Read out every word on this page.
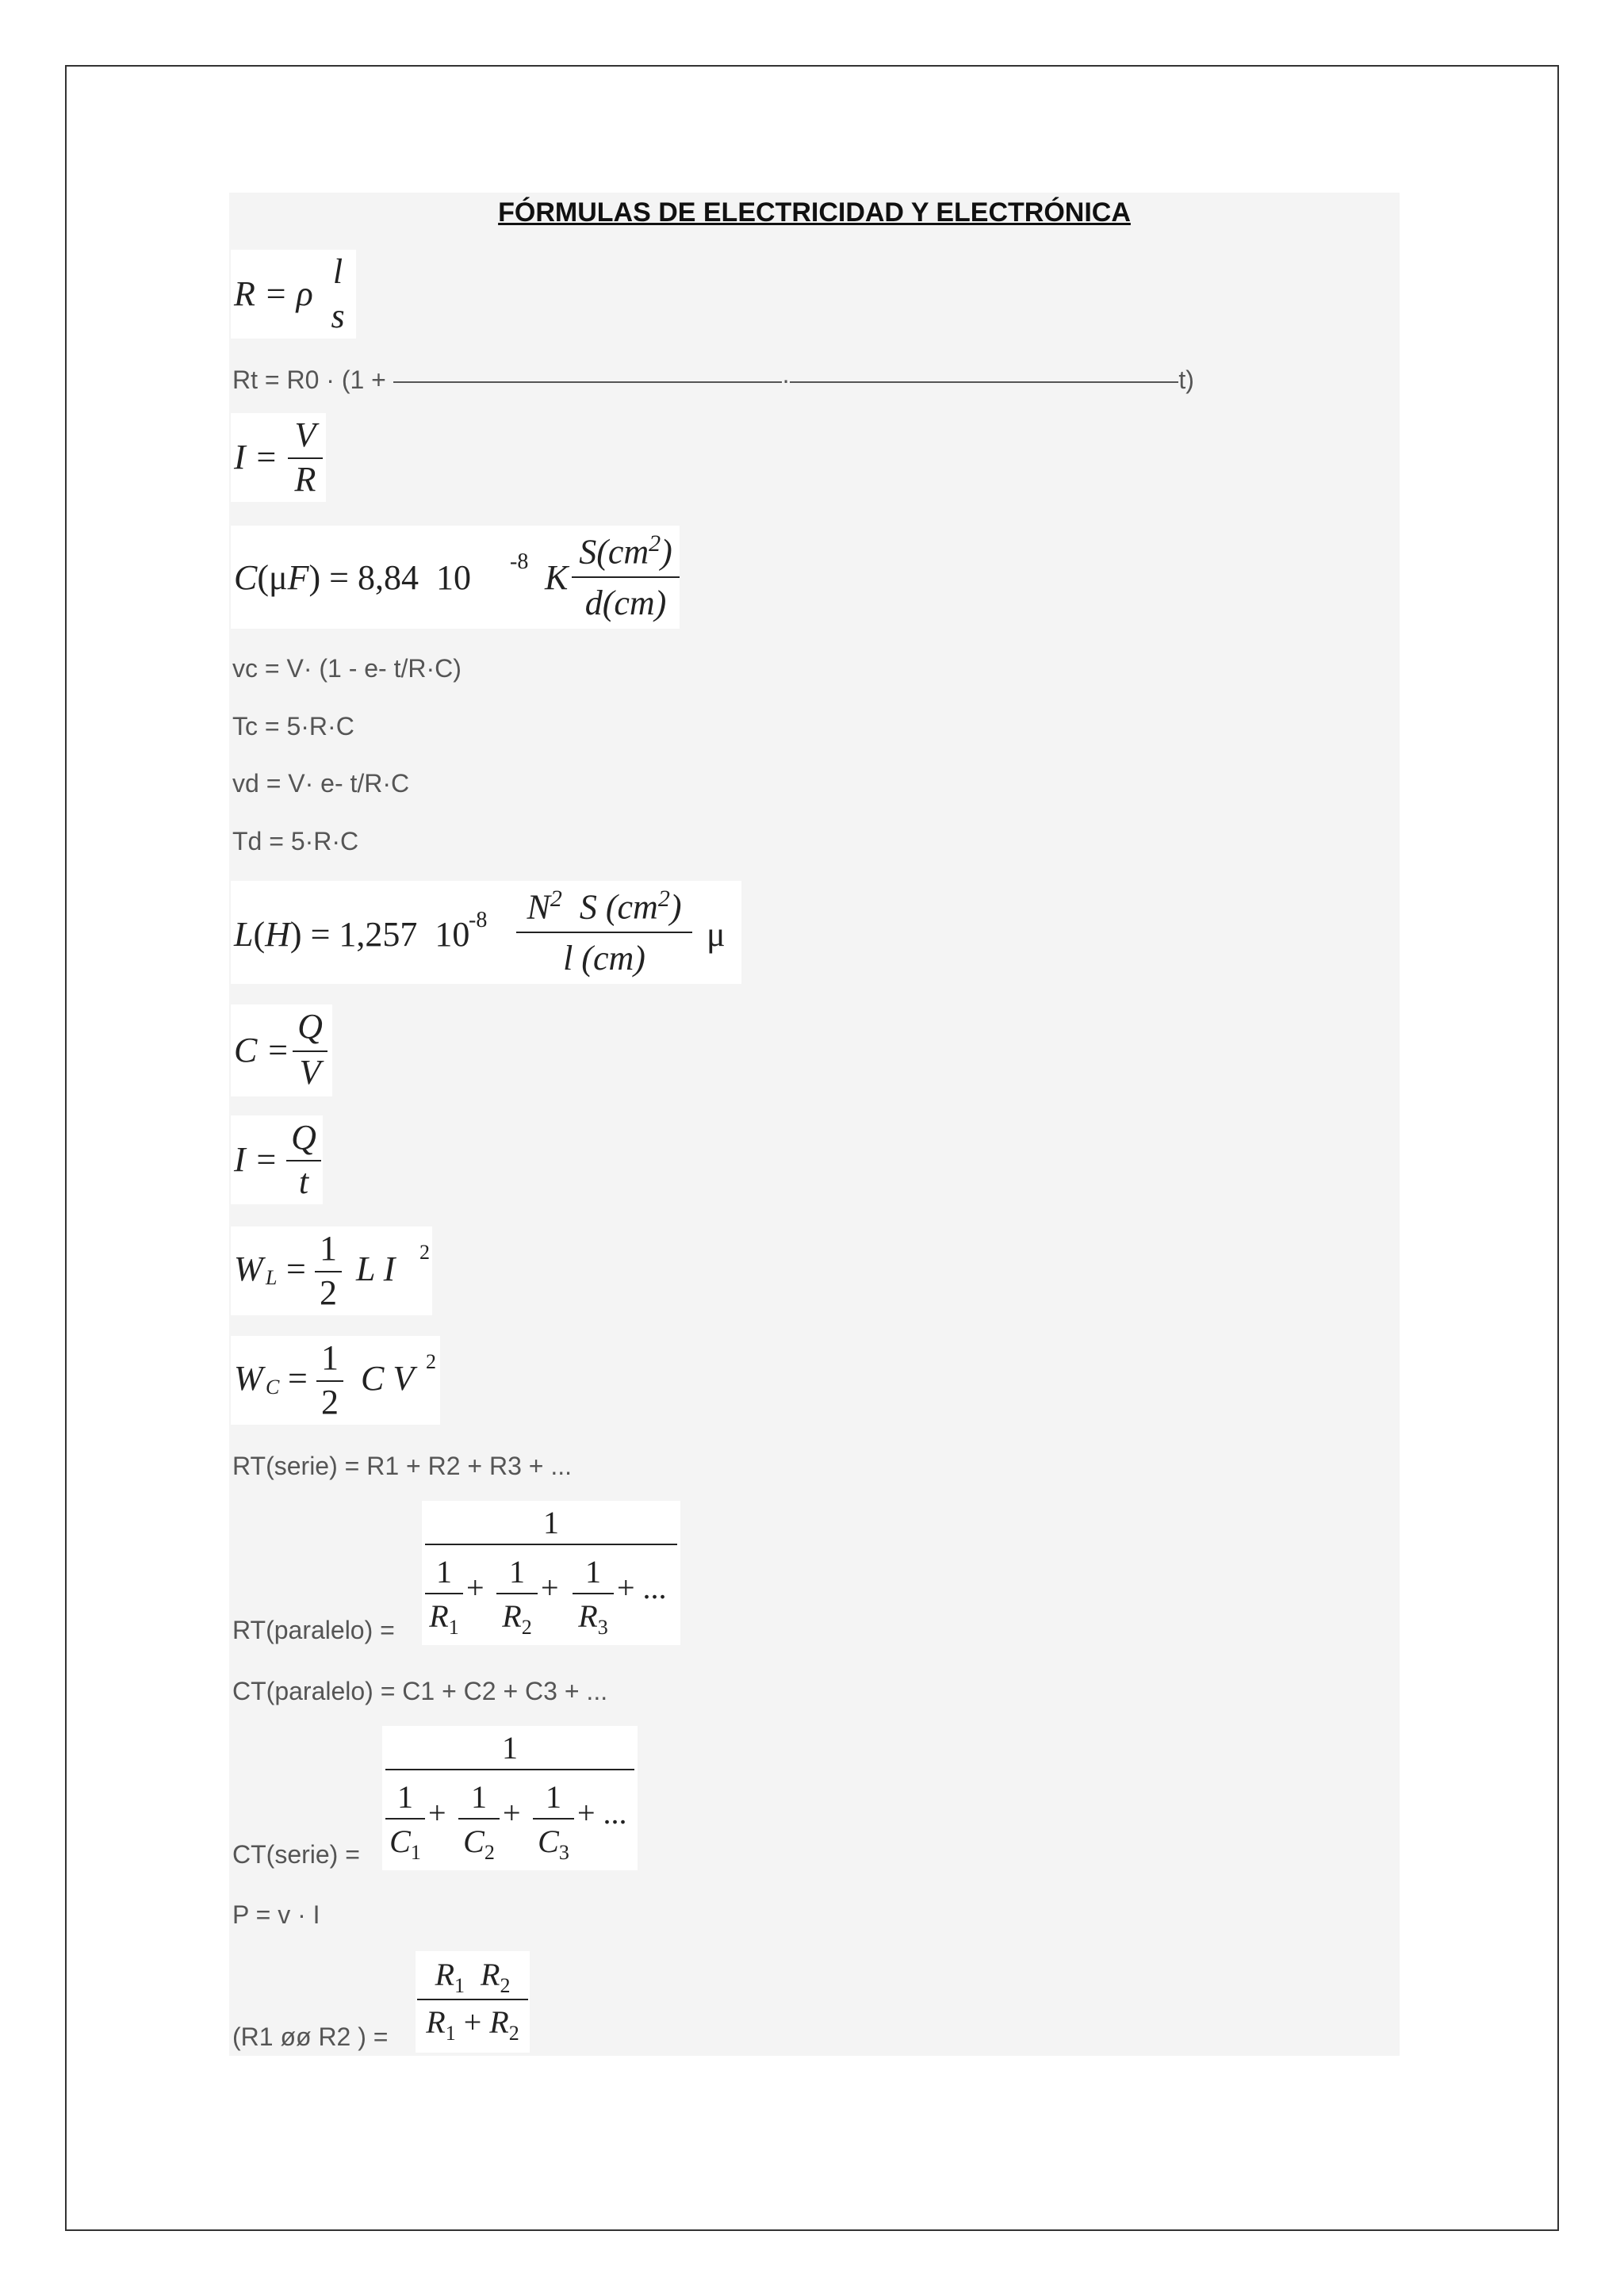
FÓRMULAS DE ELECTRICIDAD Y ELECTRÓNICA
R = ρ
l
s
Rt = R0 · (1 +	·	t)
I =
V
R
C(μF) = 8,84  10 -8 K
$S(cm^2)$
d(cm)
vc = V· (1 - e- t/R·C)
Tc = 5·R·C
vd = V· e- t/R·C
Td = 5·R·C
L(H) = 1,257  10
-8	$N^2$ S $(cm^2)$
l (cm)
μ
C =
Q
V
I =
Q
t
W L =
1
2
L I 2
W C =
1
2
C V 2
RT(serie) = R1 + R2 + R3 + ...
RT(paralelo) =
1
1
$R_1$
+ 1
$R_2$
+ 1
$R_3$
+ ...
CT(paralelo) = C1 + C2 + C3 + ...
CT(serie) =
1
1
$C_1$
+ 1
$C_2$
+ 1
$C_3$
+ ...
P = v · I
(R1 øø R2 ) =
$R_1$ $R_2$
$R_1 + R_2$
